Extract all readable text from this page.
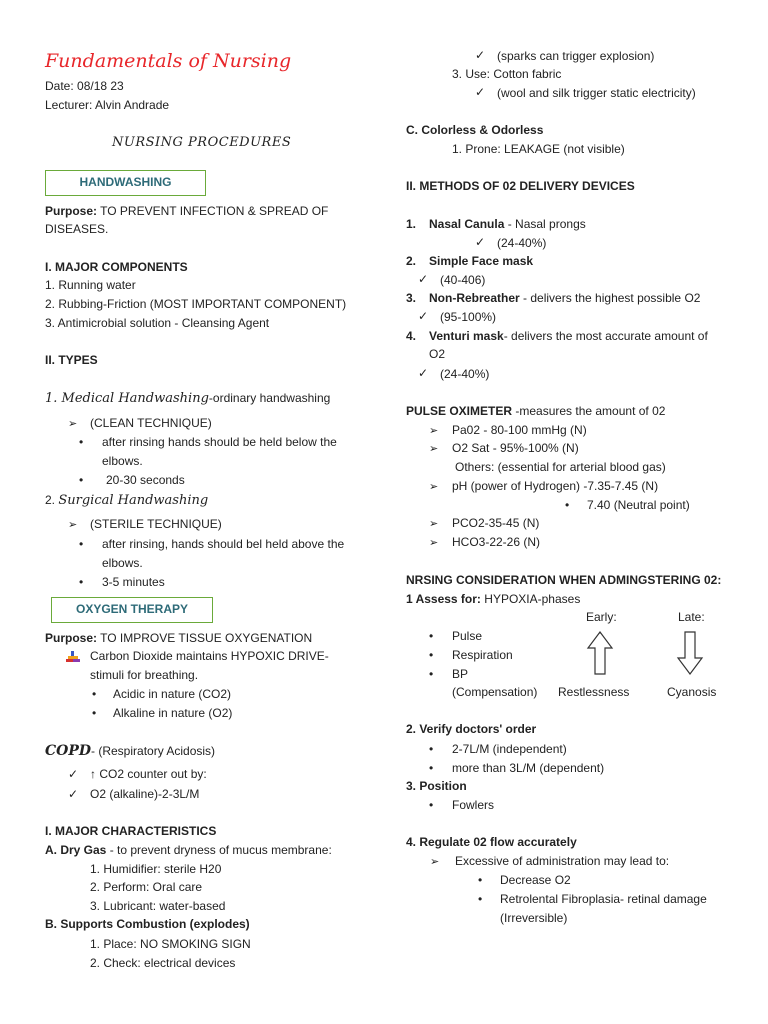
Fundamentals of Nursing
Date: 08/18 23
Lecturer: Alvin Andrade
NURSING PROCEDURES
HANDWASHING
Purpose: TO PREVENT INFECTION & SPREAD OF
DISEASES.
I. MAJOR COMPONENTS
1. Running water
2. Rubbing-Friction (MOST IMPORTANT COMPONENT)
3. Antimicrobial solution - Cleansing Agent
II. TYPES
1. Medical Handwashing-ordinary handwashing
➢ (CLEAN TECHNIQUE)
• after rinsing hands should be held below the
elbows.
• 20-30 seconds
2. Surgical Handwashing
➢ (STERILE TECHNIQUE)
• after rinsing, hands should bel held above the
elbows.
• 3-5 minutes
OXYGEN THERAPY
Purpose: TO IMPROVE TISSUE OXYGENATION
Carbon Dioxide maintains HYPOXIC DRIVE-
stimuli for breathing.
• Acidic in nature (CO2)
• Alkaline in nature (O2)
COPD- (Respiratory Acidosis)
✓ ↑ CO2 counter out by:
✓ O2 (alkaline)-2-3L/M
I. MAJOR CHARACTERISTICS
A. Dry Gas - to prevent dryness of mucus membrane:
1. Humidifier: sterile H20
2. Perform: Oral care
3. Lubricant: water-based
B. Supports Combustion (explodes)
1. Place: NO SMOKING SIGN
2. Check: electrical devices
✓ (sparks can trigger explosion)
3. Use: Cotton fabric
✓ (wool and silk trigger static electricity)
C. Colorless & Odorless
1. Prone: LEAKAGE (not visible)
II. METHODS OF 02 DELIVERY DEVICES
1. Nasal Canula - Nasal prongs
✓ (24-40%)
2. Simple Face mask
✓ (40-406)
3. Non-Rebreather - delivers the highest possible O2
✓ (95-100%)
4. Venturi mask- delivers the most accurate amount of
O2
✓ (24-40%)
PULSE OXIMETER -measures the amount of 02
➢ Pa02 - 80-100 mmHg (N)
➢ O2 Sat - 95%-100% (N)
Others: (essential for arterial blood gas)
➢ pH (power of Hydrogen) -7.35-7.45 (N)
• 7.40 (Neutral point)
➢ PCO2-35-45 (N)
➢ HCO3-22-26 (N)
NRSING CONSIDERATION WHEN ADMINGSTERING 02:
1 Assess for: HYPOXIA-phases
Early:	Late:
• Pulse
• Respiration
• BP
(Compensation) Restlessness	Cyanosis
2. Verify doctors' order
• 2-7L/M (independent)
• more than 3L/M (dependent)
3. Position
• Fowlers
4. Regulate 02 flow accurately
➢ Excessive of administration may lead to:
• Decrease O2
• Retrolental Fibroplasia- retinal damage
(Irreversible)
